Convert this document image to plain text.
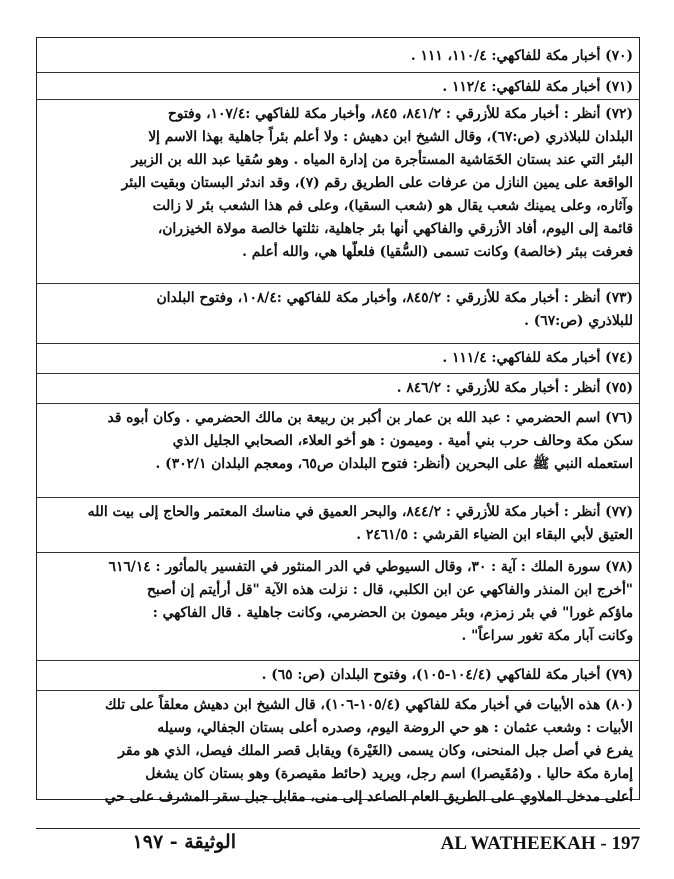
(٧٠) أخبار مكة للفاكهي: ١١٠/٤، ١١١ .
(٧١) أخبار مكة للفاكهي: ١١٢/٤ .
(٧٢) أنظر : أخبار مكة للأزرقي : ٨٤١/٢، ٨٤٥، وأخبار مكة للفاكهي :١٠٧/٤، وفتوح
البلدان للبلاذري (ص:٦٧)، وقال الشيخ ابن دهيش : ولا أعلم بئراً جاهلية بهذا الاسم إلا
البئر التي عند بستان الخَمَاشية المستأجرة من إدارة المياه . وهو سُقيا عبد الله بن الزبير
الواقعة على يمين النازل من عرفات على الطريق رقم (٧)، وقد اندثر البستان وبقيت البئر
وآثاره، وعلى يمينك شعب يقال هو (شعب السقيا)، وعلى فم هذا الشعب بئر لا زالت
قائمة إلى اليوم، أفاد الأزرقي والفاكهي أنها بئر جاهلية، نثلتها خالصة مولاة الخيزران،
فعرفت ببئر (خالصة) وكانت تسمى (السُّقيا) فلعلّها هي، والله أعلم .
(٧٣) أنظر : أخبار مكة للأزرقي : ٨٤٥/٢، وأخبار مكة للفاكهي :١٠٨/٤، وفتوح البلدان
للبلاذري (ص:٦٧) .
(٧٤) أخبار مكة للفاكهي: ١١١/٤ .
(٧٥) أنظر : أخبار مكة للأزرقي : ٨٤٦/٢ .
(٧٦) اسم الحضرمي : عبد الله بن عمار بن أكبر بن ربيعة بن مالك الحضرمي . وكان أبوه قد
سكن مكة وحالف حرب بني أمية . وميمون : هو أخو العلاء، الصحابي الجليل الذي
استعمله النبي ﷺ على البحرين (أنظر: فتوح البلدان ص٦٥، ومعجم البلدان ٣٠٢/١) .
(٧٧) أنظر : أخبار مكة للأزرقي : ٨٤٤/٢، والبحر العميق في مناسك المعتمر والحاج إلى بيت الله
العتيق لأبي البقاء ابن الضياء القرشي : ٢٤٦١/٥ .
(٧٨) سورة الملك : آية : ٣٠، وقال السيوطي في الدر المنثور في التفسير بالمأثور : ٦١٦/١٤
"أخرج ابن المنذر والفاكهي عن ابن الكلبي، قال : نزلت هذه الآية "قل أرأيتم إن أصبح
ماؤكم غورا" في بئر زمزم، وبئر ميمون بن الحضرمي، وكانت جاهلية . قال الفاكهي :
وكانت آبار مكة تغور سراعاً" .
(٧٩) أخبار مكة للفاكهي (١٠٤/٤-١٠٥)، وفتوح البلدان (ص: ٦٥) .
(٨٠) هذه الأبيات في أخبار مكة للفاكهي (١٠٥/٤-١٠٦)، قال الشيخ ابن دهيش معلقاً على تلك
الأبيات : وشعب عثمان : هو حي الروضة اليوم، وصدره أعلى بستان الجفالي، وسيله
يفرع في أصل جبل المنحنى، وكان يسمى (الغَيْرة) ويقابل قصر الملك فيصل، الذي هو مقر
إمارة مكة حاليا . و(مُقَيصرا) اسم رجل، ويريد (حائط مقيصرة) وهو بستان كان يشغل
أعلى مدخل الملاوي على الطريق العام الصاعد إلى منى، مقابل جبل سقر المشرف على حي
الوثيقة - ١٩٧	AL WATHEEKAH - 197
